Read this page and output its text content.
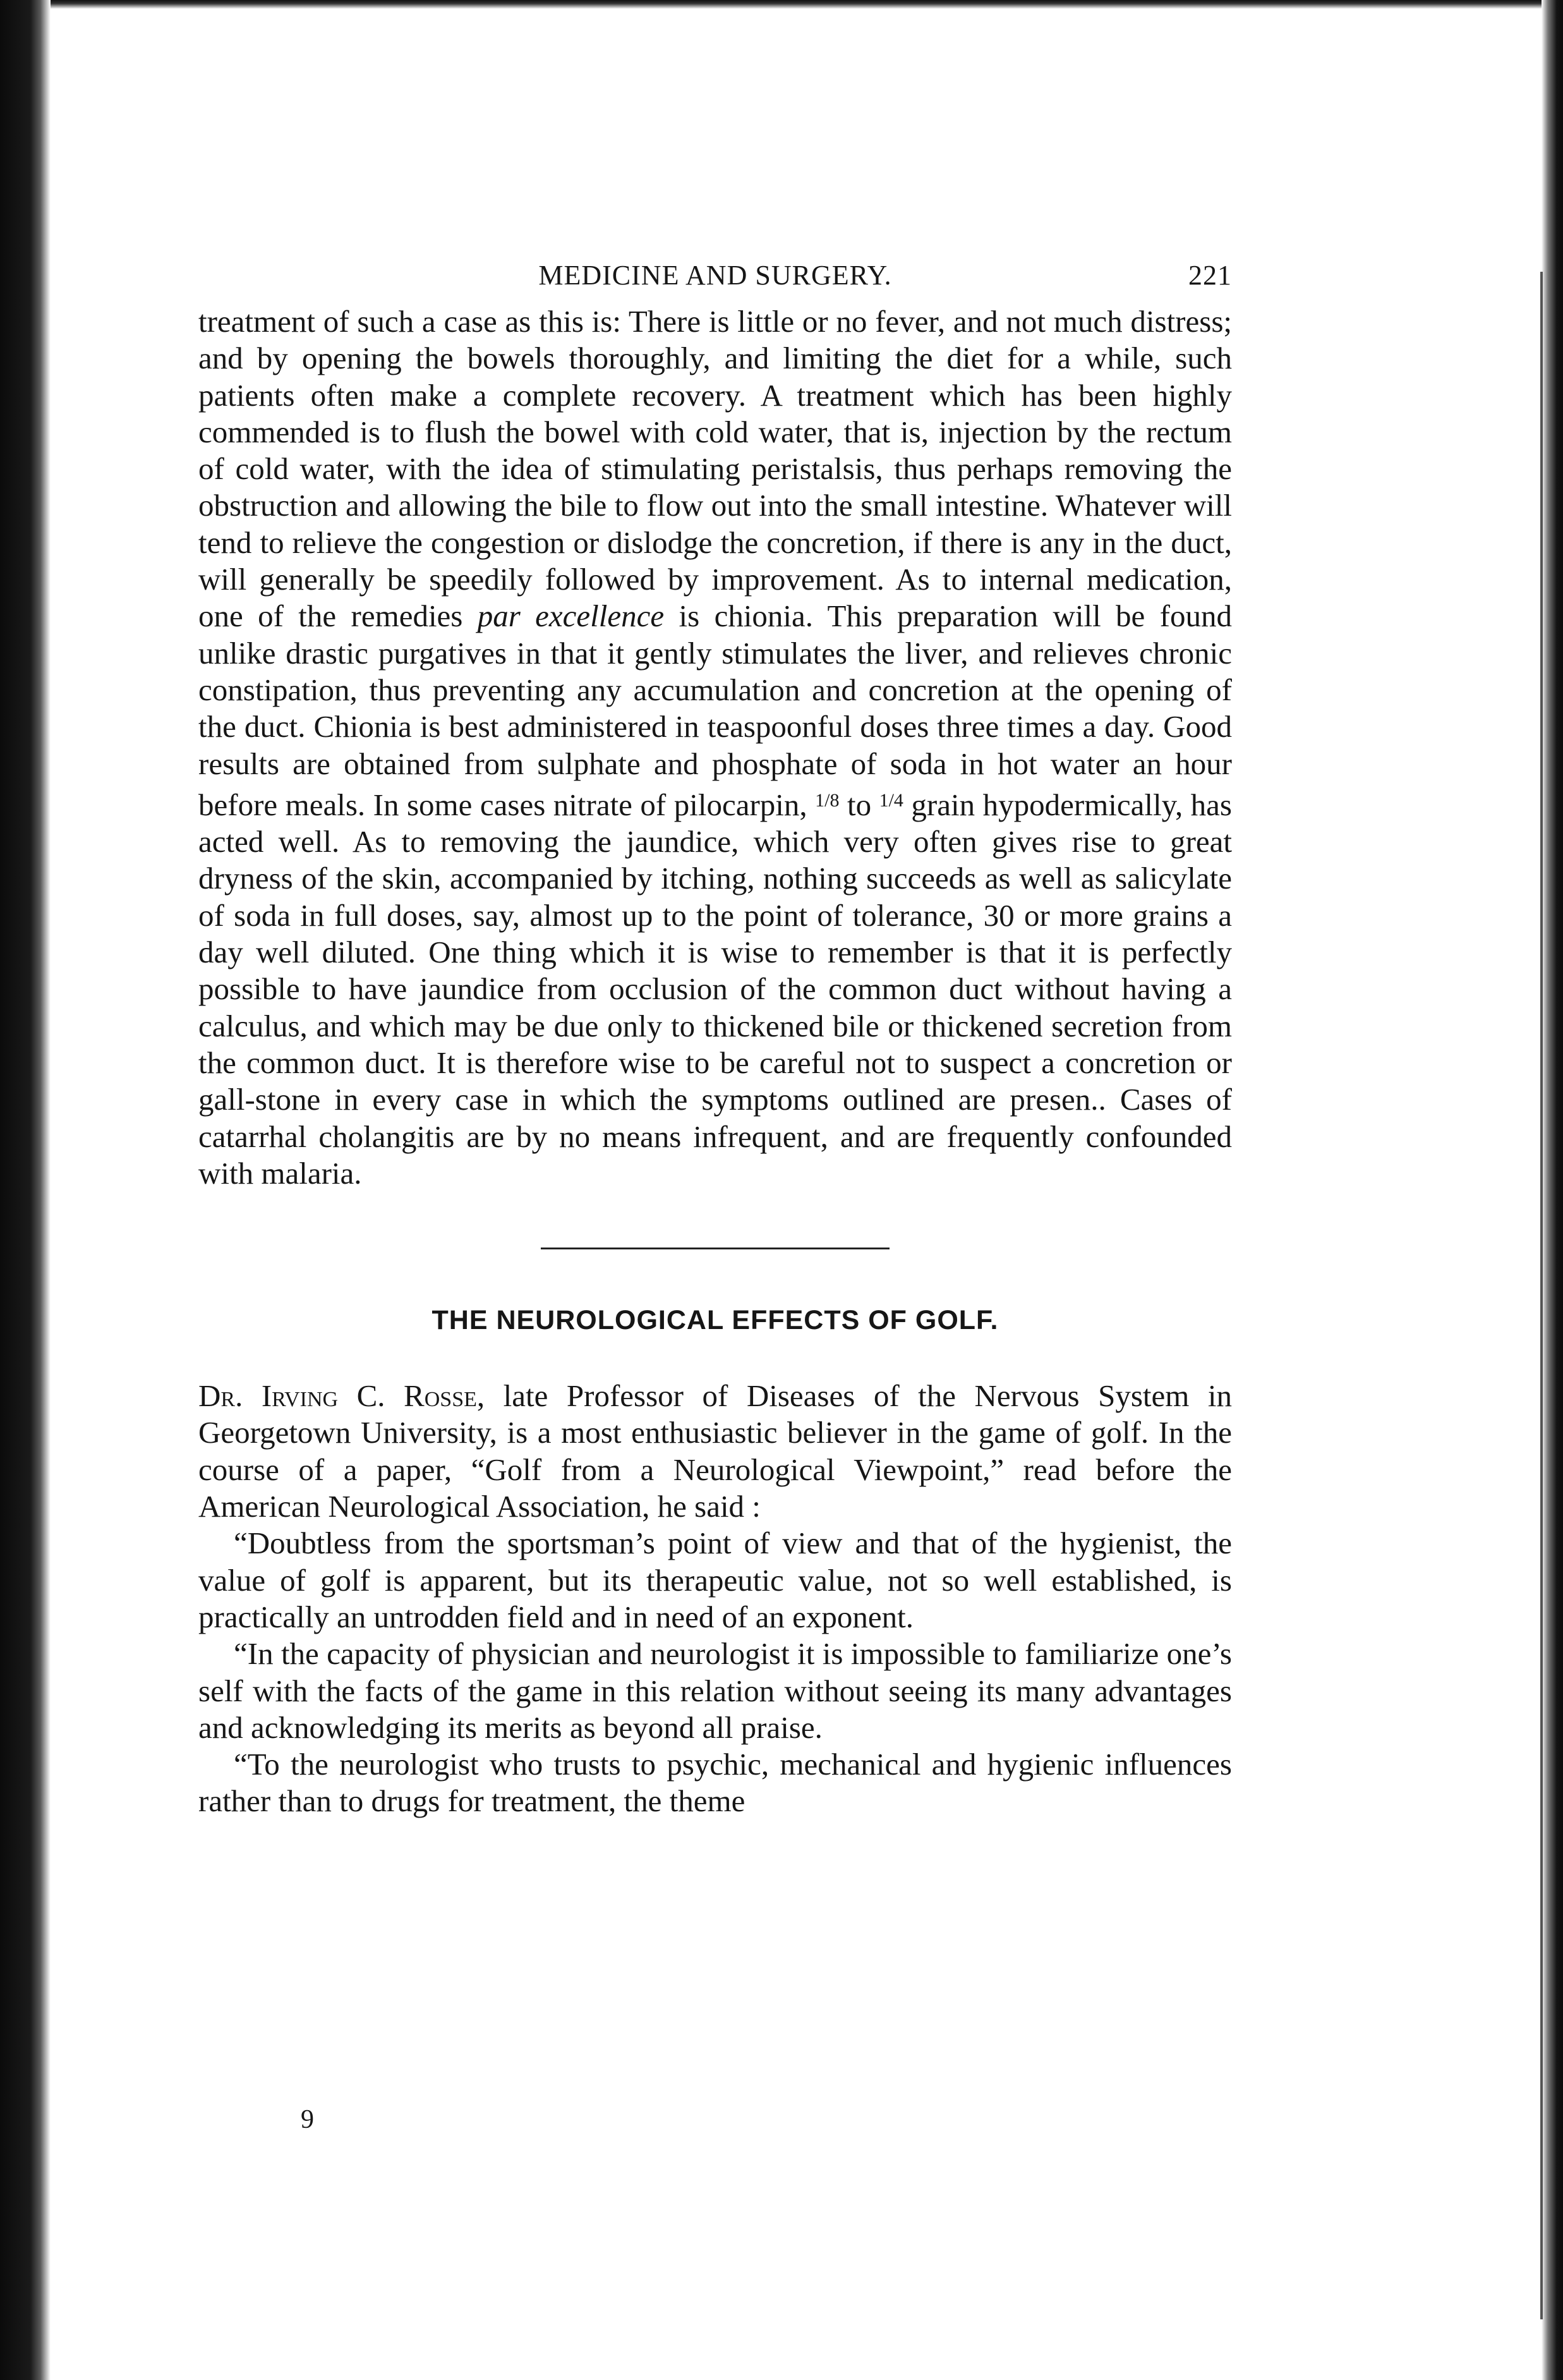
MEDICINE AND SURGERY.	221

treatment of such a case as this is: There is little or no fever, and not much distress; and by opening the bowels thoroughly, and limiting the diet for a while, such patients often make a complete recovery. A treatment which has been highly commended is to flush the bowel with cold water, that is, injection by the rectum of cold water, with the idea of stimulating peristalsis, thus perhaps removing the obstruction and allowing the bile to flow out into the small intestine. Whatever will tend to relieve the congestion or dislodge the concretion, if there is any in the duct, will generally be speedily followed by improvement. As to internal medication, one of the remedies par excellence is chionia. This preparation will be found unlike drastic purgatives in that it gently stimulates the liver, and relieves chronic constipation, thus preventing any accumulation and concretion at the opening of the duct. Chionia is best administered in teaspoonful doses three times a day. Good results are obtained from sulphate and phosphate of soda in hot water an hour before meals. In some cases nitrate of pilocarpin, $^{1/8}$ to $^{1/4}$ grain hypodermically, has acted well. As to removing the jaundice, which very often gives rise to great dryness of the skin, accompanied by itching, nothing succeeds as well as salicylate of soda in full doses, say, almost up to the point of tolerance, 30 or more grains a day well diluted. One thing which it is wise to remember is that it is perfectly possible to have jaundice from occlusion of the common duct without having a calculus, and which may be due only to thickened bile or thickened secretion from the common duct. It is therefore wise to be careful not to suspect a concretion or gall-stone in every case in which the symptoms outlined are presen.. Cases of catarrhal cholangitis are by no means infrequent, and are frequently confounded with malaria.

THE NEUROLOGICAL EFFECTS OF GOLF.

Dr. Irving C. Rosse, late Professor of Diseases of the Nervous System in Georgetown University, is a most enthusiastic believer in the game of golf. In the course of a paper, “Golf from a Neurological Viewpoint,” read before the American Neurological Association, he said :

“Doubtless from the sportsman’s point of view and that of the hygienist, the value of golf is apparent, but its therapeutic value, not so well established, is practically an untrodden field and in need of an exponent.

“In the capacity of physician and neurologist it is impossible to familiarize one’s self with the facts of the game in this relation without seeing its many advantages and acknowledging its merits as beyond all praise.

“To the neurologist who trusts to psychic, mechanical and hygienic influences rather than to drugs for treatment, the theme

9
